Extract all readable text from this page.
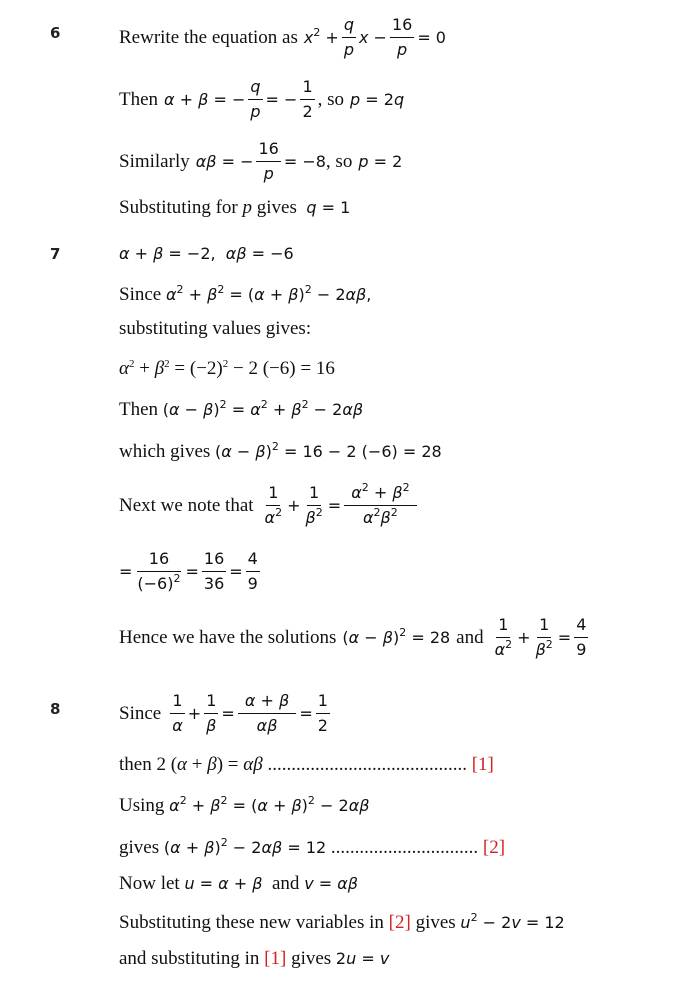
6
7
8
Rewrite the equation as $x^2 + \frac{q}{p}$ $x - \frac{16}{p} = 0$
Then α + β = − $\frac{q}{p}$ = − $\frac{1}{2}$ , so p = 2q
Similarly αβ = − $\frac{16}{p} = -8$ , so p = 2
Substituting for p gives q = 1
α + β = −2,  αβ = −6
Since $\alpha^2 + \beta^2 = (\alpha + \beta)^2 - 2\alpha\beta$,
substituting values gives:
$\alpha^2 + \beta^2 = (-2)^2 - 2$ (−6) = 16
Then $(\alpha - \beta)^2 = \alpha^2 + \beta^2 - 2\alpha\beta$
which gives $(\alpha - \beta)^2 = 16 - 2$ (−6) = 28
Next we note that $\frac{1}{\alpha^2} + \frac{1}{\beta^2} = \frac{\alpha^2 + \beta^2}{\alpha^2\beta^2}$
= $\frac{16}{(-6)^2} = \frac{16}{36} = \frac{4}{9}$
Hence we have the solutions $(\alpha - \beta)^2 = 28$ and $\frac{1}{\alpha^2} + \frac{1}{\beta^2} = \frac{4}{9}$
Since $\frac{1}{\alpha} + \frac{1}{\beta} = \frac{\alpha + \beta}{\alpha\beta} = \frac{1}{2}$
then 2 (α + β) = αβ .......................................... [1]
Using $\alpha^2 + \beta^2 = (\alpha + \beta)^2 - 2\alpha\beta$
gives $(\alpha + \beta)^2 - 2\alpha\beta = 12$ ............................... [2]
Now let u = α + β and v = αβ
Substituting these new variables in [2] gives $u^2 - 2v = 12$
and substituting in [1] gives 2u = v
